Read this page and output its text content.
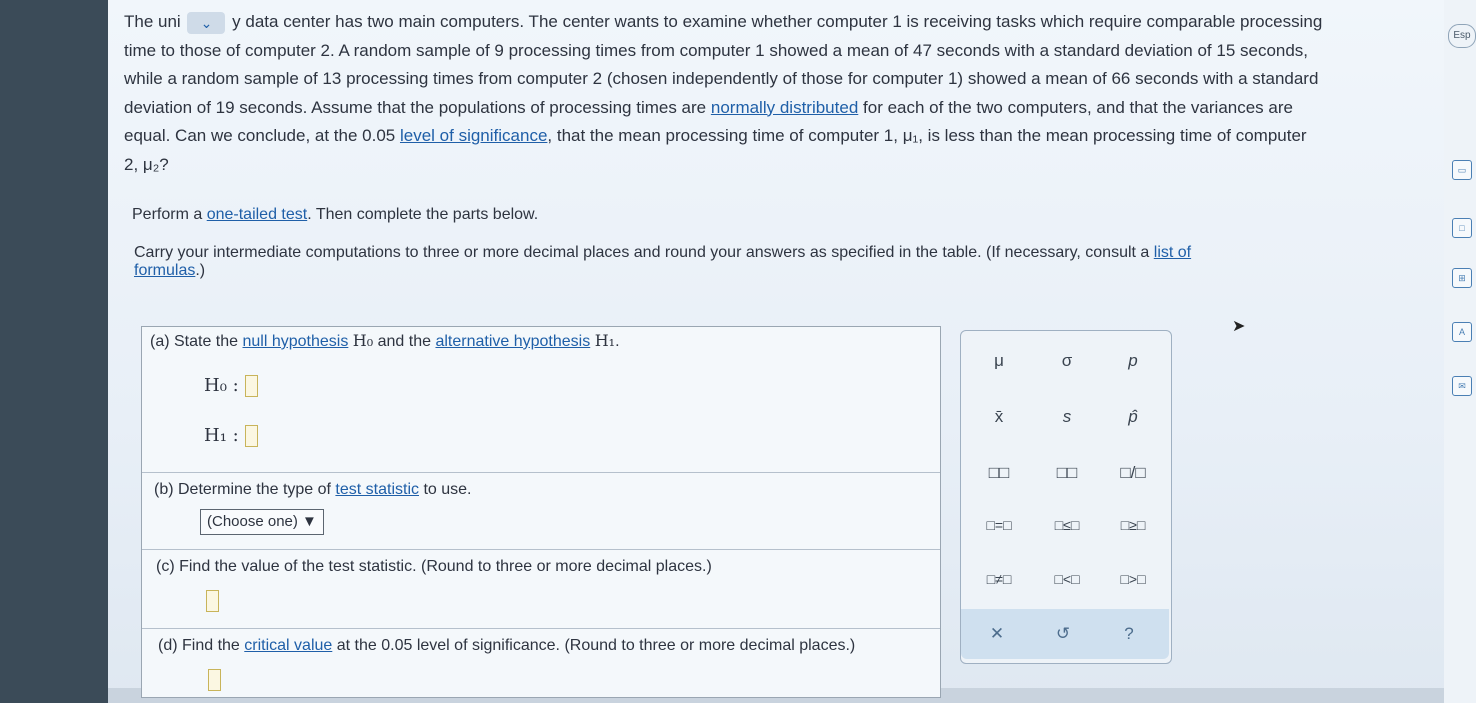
Esp
▭
□
⊞
A
✉
The uni ⌄ y data center has two main computers. The center wants to examine whether computer 1 is receiving tasks which require comparable processing
time to those of computer 2. A random sample of 9 processing times from computer 1 showed a mean of 47 seconds with a standard deviation of 15 seconds,
while a random sample of 13 processing times from computer 2 (chosen independently of those for computer 1) showed a mean of 66 seconds with a standard
deviation of 19 seconds. Assume that the populations of processing times are normally distributed for each of the two computers, and that the variances are
equal. Can we conclude, at the 0.05 level of significance, that the mean processing time of computer 1, μ₁, is less than the mean processing time of computer
2, μ₂?
Perform a one-tailed test. Then complete the parts below.
Carry your intermediate computations to three or more decimal places and round your answers as specified in the table. (If necessary, consult a list of
formulas.)
(a) State the null hypothesis H₀ and the alternative hypothesis H₁.
H₀ :
H₁ :
(b) Determine the type of test statistic to use.
(Choose one) ▼
(c) Find the value of the test statistic. (Round to three or more decimal places.)
(d) Find the critical value at the 0.05 level of significance. (Round to three or more decimal places.)
μ	σ	p
x̄	s	p̂
□□	□□	□/□
□=□	□≤□	□≥□
□≠□	□<□	□>□
✕	↺	?
➤
